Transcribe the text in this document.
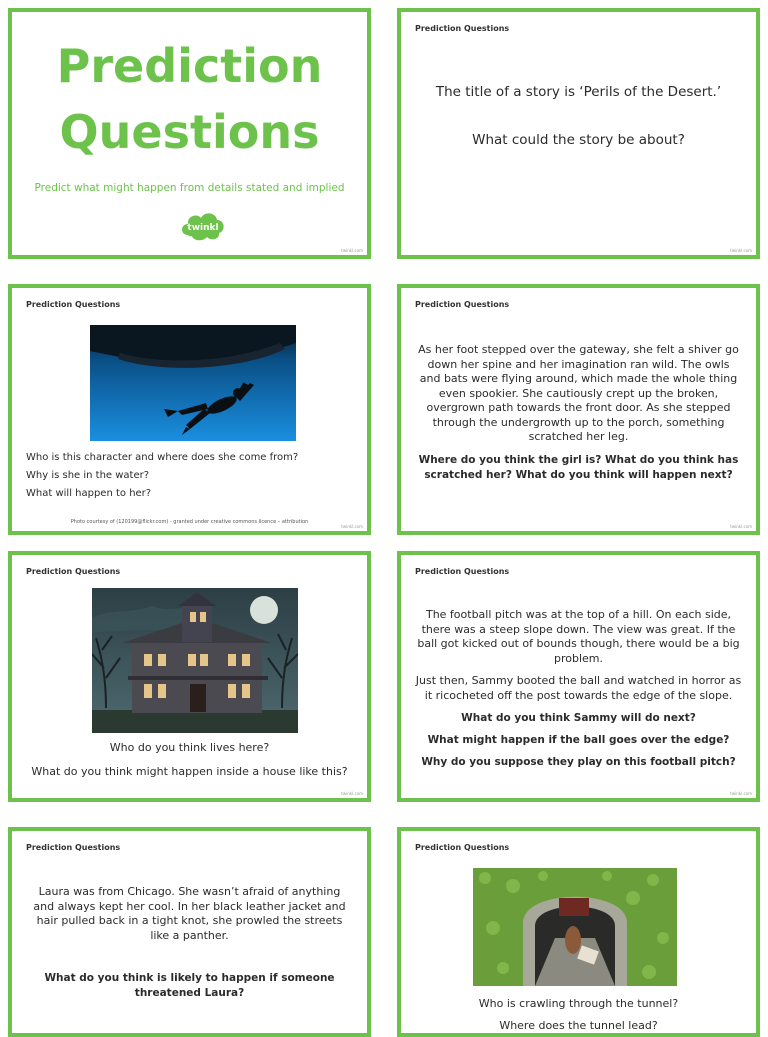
Prediction
Questions
Predict what might happen from details stated and implied
twinkl
twinkl.com
Prediction Questions
The title of a story is ‘Perils of the Desert.’
What could the story be about?
twinkl.com
Prediction Questions
Who is this character and where does she come from?
Why is she in the water?
What will happen to her?
Photo courtesy of (120199@flickr.com) - granted under creative commons licence – attribution
twinkl.com
Prediction Questions

As her foot stepped over the gateway, she felt a shiver go down her spine and her imagination ran wild. The owls and bats were flying around, which made the whole thing even spookier. She cautiously crept up the broken, overgrown path towards the front door. As she stepped through the undergrowth up to the porch, something scratched her leg.

Where do you think the girl is? What do you think has scratched her? What do you think will happen next?

twinkl.com
Prediction Questions
Who do you think lives here?
What do you think might happen inside a house like this?
twinkl.com
Prediction Questions

The football pitch was at the top of a hill. On each side, there was a steep slope down. The view was great. If the ball got kicked out of bounds though, there would be a big problem.

Just then, Sammy booted the ball and watched in horror as it ricocheted off the post towards the edge of the slope.

What do you think Sammy will do next?

What might happen if the ball goes over the edge?

Why do you suppose they play on this football pitch?

twinkl.com
Prediction Questions

Laura was from Chicago. She wasn’t afraid of anything and always kept her cool. In her black leather jacket and hair pulled back in a tight knot, she prowled the streets like a panther.

What do you think is likely to happen if someone threatened Laura?

Prediction Questions
Who is crawling through the tunnel?
Where does the tunnel lead?
